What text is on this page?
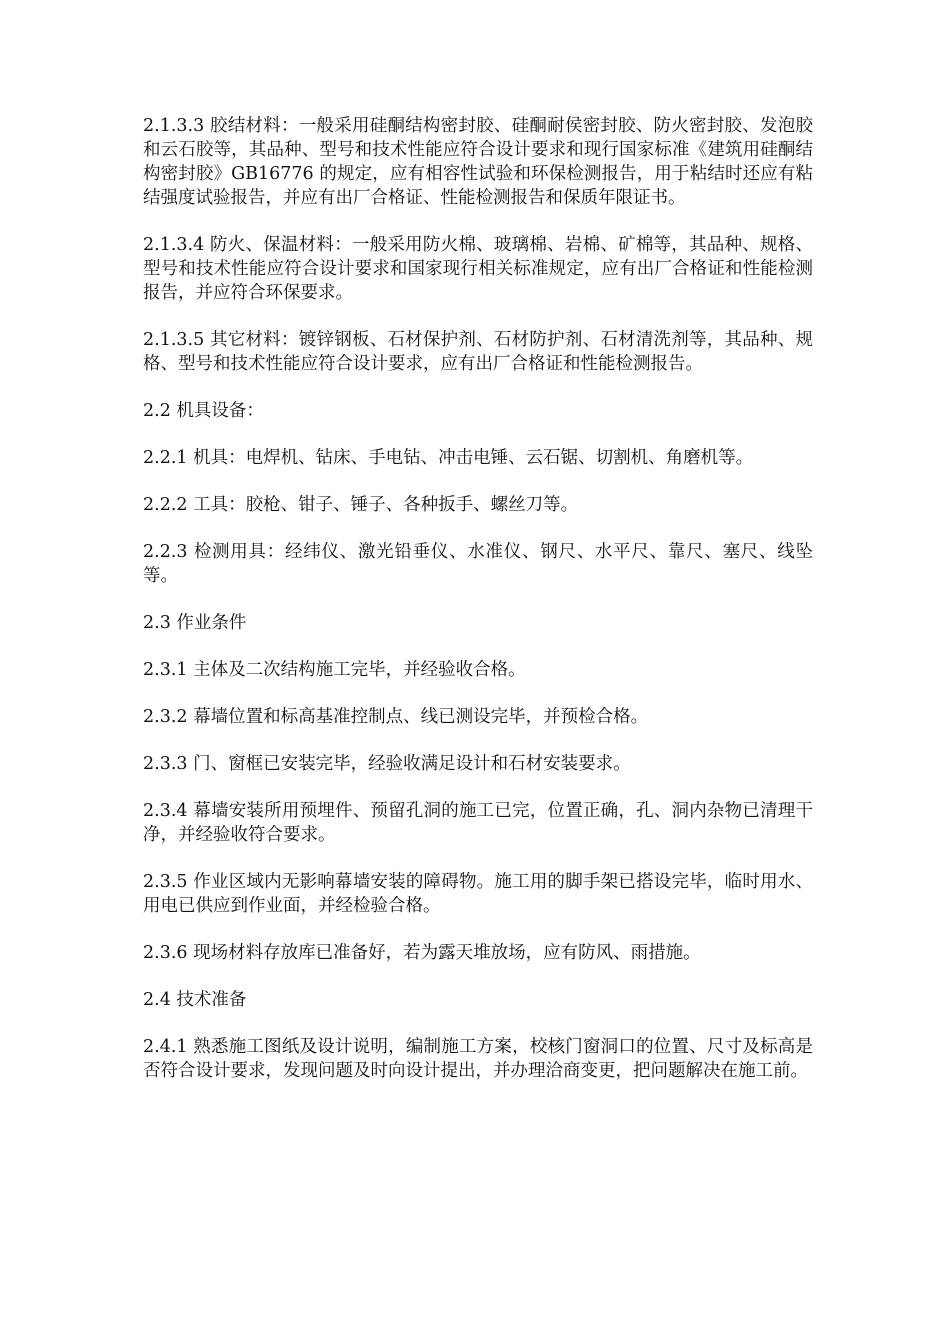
2.1.3.3 胶结材料：一般采用硅酮结构密封胶、硅酮耐侯密封胶、防火密封胶、发泡胶和云石胶等，其品种、型号和技术性能应符合设计要求和现行国家标准《建筑用硅酮结构密封胶》GB16776 的规定，应有相容性试验和环保检测报告，用于粘结时还应有粘结强度试验报告，并应有出厂合格证、性能检测报告和保质年限证书。

2.1.3.4 防火、保温材料：一般采用防火棉、玻璃棉、岩棉、矿棉等，其品种、规格、型号和技术性能应符合设计要求和国家现行相关标准规定，应有出厂合格证和性能检测报告，并应符合环保要求。

2.1.3.5 其它材料：镀锌钢板、石材保护剂、石材防护剂、石材清洗剂等，其品种、规格、型号和技术性能应符合设计要求，应有出厂合格证和性能检测报告。

2.2 机具设备：

2.2.1 机具：电焊机、钻床、手电钻、冲击电锤、云石锯、切割机、角磨机等。

2.2.2 工具：胶枪、钳子、锤子、各种扳手、螺丝刀等。

2.2.3 检测用具：经纬仪、激光铅垂仪、水准仪、钢尺、水平尺、靠尺、塞尺、线坠等。

2.3 作业条件

2.3.1 主体及二次结构施工完毕，并经验收合格。

2.3.2 幕墙位置和标高基准控制点、线已测设完毕，并预检合格。

2.3.3 门、窗框已安装完毕，经验收满足设计和石材安装要求。

2.3.4 幕墙安装所用预埋件、预留孔洞的施工已完，位置正确，孔、洞内杂物已清理干净，并经验收符合要求。

2.3.5 作业区域内无影响幕墙安装的障碍物。施工用的脚手架已搭设完毕，临时用水、用电已供应到作业面，并经检验合格。

2.3.6 现场材料存放库已准备好，若为露天堆放场，应有防风、雨措施。

2.4 技术准备

2.4.1 熟悉施工图纸及设计说明，编制施工方案，校核门窗洞口的位置、尺寸及标高是否符合设计要求，发现问题及时向设计提出，并办理洽商变更，把问题解决在施工前。
